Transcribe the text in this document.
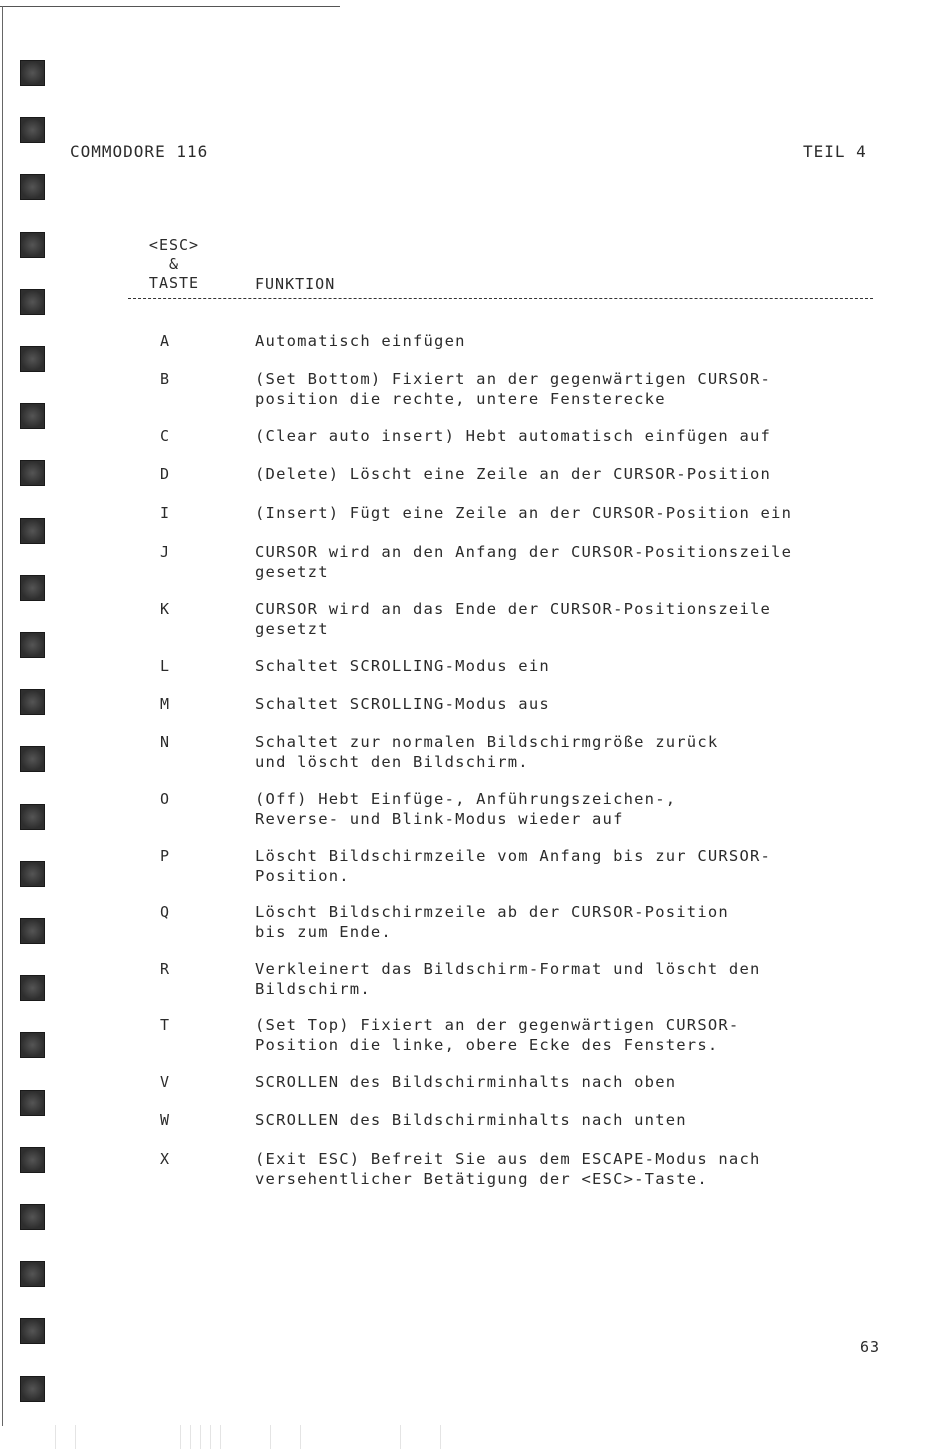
COMMODORE 116	TEIL 4
<ESC>
&
TASTE	FUNKTION
A	Automatisch einfügen
B	(Set Bottom) Fixiert an der gegenwärtigen CURSOR-
position die rechte, untere Fensterecke
C	(Clear auto insert) Hebt automatisch einfügen auf
D	(Delete) Löscht eine Zeile an der CURSOR-Position
I	(Insert) Fügt eine Zeile an der CURSOR-Position ein
J	CURSOR wird an den Anfang der CURSOR-Positionszeile
gesetzt
K	CURSOR wird an das Ende der CURSOR-Positionszeile
gesetzt
L	Schaltet SCROLLING-Modus ein
M	Schaltet SCROLLING-Modus aus
N	Schaltet zur normalen Bildschirmgröße zurück
und löscht den Bildschirm.
O	(Off) Hebt Einfüge-, Anführungszeichen-,
Reverse- und Blink-Modus wieder auf
P	Löscht Bildschirmzeile vom Anfang bis zur CURSOR-
Position.
Q	Löscht Bildschirmzeile ab der CURSOR-Position
bis zum Ende.
R	Verkleinert das Bildschirm-Format und löscht den
Bildschirm.
T	(Set Top) Fixiert an der gegenwärtigen CURSOR-
Position die linke, obere Ecke des Fensters.
V	SCROLLEN des Bildschirminhalts nach oben
W	SCROLLEN des Bildschirminhalts nach unten
X	(Exit ESC) Befreit Sie aus dem ESCAPE-Modus nach
versehentlicher Betätigung der <ESC>-Taste.
63
